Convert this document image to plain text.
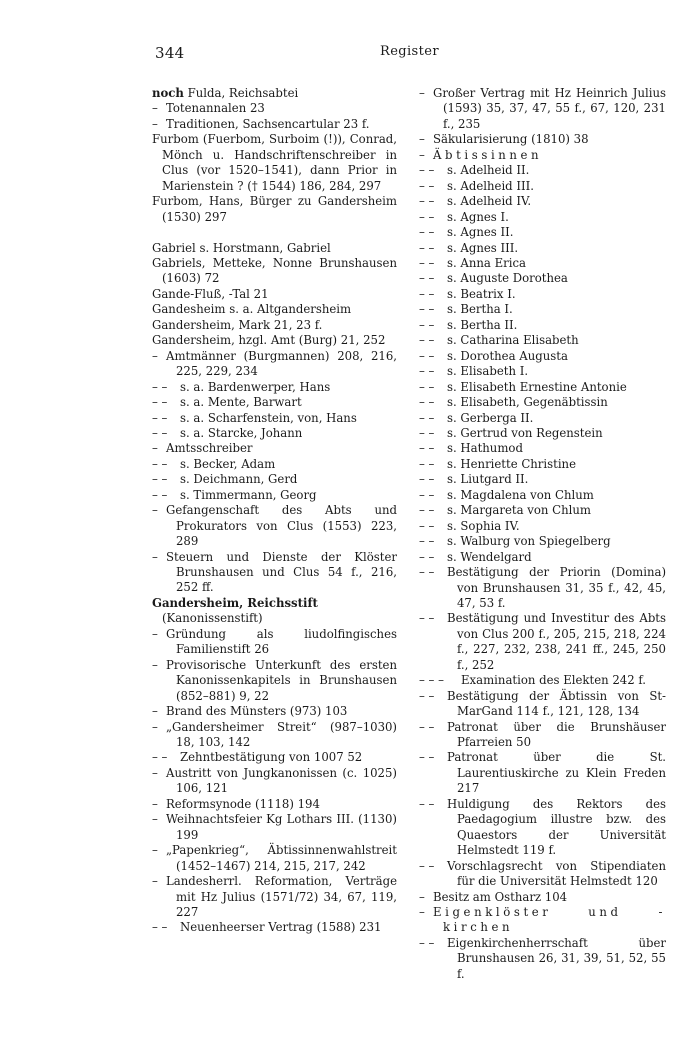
344	Register
noch Fulda, Reichsabtei
– Totenannalen 23
– Traditionen, Sachsencartular 23 f.
Furbom (Fuerbom, Surboim (!)), Conrad, Mönch u. Handschriftenschreiber in Clus (vor 1520–1541), dann Prior in Marienstein ? († 1544) 186, 284, 297
Furbom, Hans, Bürger zu Gandersheim (1530) 297
Gabriel s. Horstmann, Gabriel
Gabriels, Metteke, Nonne Brunshausen (1603) 72
Gande-Fluß, -Tal 21
Gandesheim s. a. Altgandersheim
Gandersheim, Mark 21, 23 f.
Gandersheim, hzgl. Amt (Burg) 21, 252
– Amtmänner (Burgmannen) 208, 216, 225, 229, 234
– – s. a. Bardenwerper, Hans
– – s. a. Mente, Barwart
– – s. a. Scharfenstein, von, Hans
– – s. a. Starcke, Johann
– Amtsschreiber
– – s. Becker, Adam
– – s. Deichmann, Gerd
– – s. Timmermann, Georg
– Gefangenschaft des Abts und Prokurators von Clus (1553) 223, 289
– Steuern und Dienste der Klöster Brunshausen und Clus 54 f., 216, 252 ff.
Gandersheim, Reichsstift
(Kanonissenstift)
– Gründung als liudolfingisches Familienstift 26
– Provisorische Unterkunft des ersten Kanonissenkapitels in Brunshausen (852–881) 9, 22
– Brand des Münsters (973) 103
– „Gandersheimer Streit“ (987–1030) 18, 103, 142
– – Zehntbestätigung von 1007 52
– Austritt von Jungkanonissen (c. 1025) 106, 121
– Reformsynode (1118) 194
– Weihnachtsfeier Kg Lothars III. (1130) 199
– „Papenkrieg“, Äbtissinnenwahlstreit (1452–1467) 214, 215, 217, 242
– Landesherrl. Reformation, Verträge mit Hz Julius (1571/72) 34, 67, 119, 227
– – Neuenheerser Vertrag (1588) 231
– Großer Vertrag mit Hz Heinrich Julius (1593) 35, 37, 47, 55 f., 67, 120, 231 f., 235
– Säkularisierung (1810) 38
– Äbtissinnen
– – s. Adelheid II.
– – s. Adelheid III.
– – s. Adelheid IV.
– – s. Agnes I.
– – s. Agnes II.
– – s. Agnes III.
– – s. Anna Erica
– – s. Auguste Dorothea
– – s. Beatrix I.
– – s. Bertha I.
– – s. Bertha II.
– – s. Catharina Elisabeth
– – s. Dorothea Augusta
– – s. Elisabeth I.
– – s. Elisabeth Ernestine Antonie
– – s. Elisabeth, Gegenäbtissin
– – s. Gerberga II.
– – s. Gertrud von Regenstein
– – s. Hathumod
– – s. Henriette Christine
– – s. Liutgard II.
– – s. Magdalena von Chlum
– – s. Margareta von Chlum
– – s. Sophia IV.
– – s. Walburg von Spiegelberg
– – s. Wendelgard
– – Bestätigung der Priorin (Domina) von Brunshausen 31, 35 f., 42, 45, 47, 53 f.
– – Bestätigung und Investitur des Abts von Clus 200 f., 205, 215, 218, 224 f., 227, 232, 238, 241 ff., 245, 250 f., 252
– – – Examination des Elekten 242 f.
– – Bestätigung der Äbtissin von St-MarGand 114 f., 121, 128, 134
– – Patronat über die Brunshäuser Pfarreien 50
– – Patronat über die St. Laurentiuskirche zu Klein Freden 217
– – Huldigung des Rektors des Paedagogium illustre bzw. des Quaestors der Universität Helmstedt 119 f.
– – Vorschlagsrecht von Stipendiaten für die Universität Helmstedt 120
– Besitz am Ostharz 104
– Eigenklöster und -kirchen
– – Eigenkirchenherrschaft über Brunshausen 26, 31, 39, 51, 52, 55 f.
